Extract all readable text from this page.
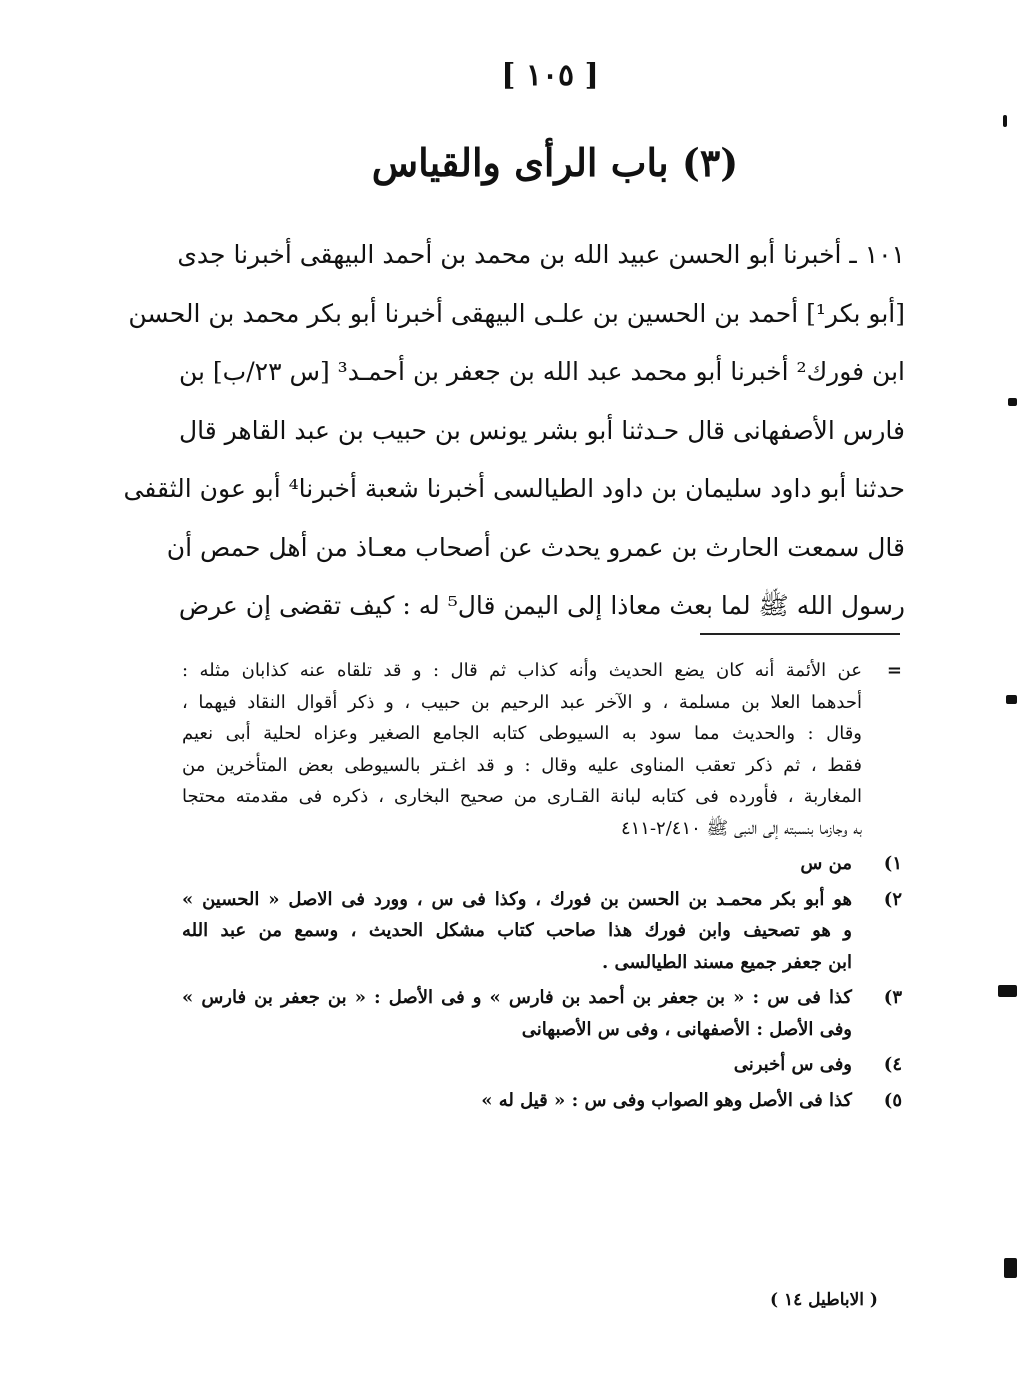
[ ١٠٥ ]
(٣) باب الرأى والقياس
١٠١ ـ أخبرنا أبو الحسن عبيد الله بن محمد بن أحمد البيهقى أخبرنا جدى
[أبو بكر¹] أحمد بن الحسين بن علـى البيهقى أخبرنا أبو بكر محمد بن الحسن
ابن فورك² أخبرنا أبو محمد عبد الله بن جعفر بن أحمـد³ [س ٢٣/ب] بن
فارس الأصفهانى قال حـدثنا أبو بشر يونس بن حبيب بن عبد القاهر قال
حدثنا أبو داود سليمان بن داود الطيالسى أخبرنا شعبة أخبرنا⁴ أبو عون الثقفى
قال سمعت الحارث بن عمرو يحدث عن أصحاب معـاذ من أهل حمص أن
رسول الله ﷺ لما بعث معاذا إلى اليمن قال⁵ له : كيف تقضى إن عرض
=
عن الأئمة أنه كان يضع الحديث وأنه كذاب ثم قال : و قد تلقاه عنه كذابان مثله :
أحدهما العلا بن مسلمة ، و الآخر عبد الرحيم بن حبيب ، و ذكر أقوال النقاد فيهما ،
وقال : والحديث مما سود به السيوطى كتابه الجامع الصغير وعزاه لحلية أبى نعيم
فقط ، ثم ذكر تعقب المناوى عليه وقال : و قد اغـتر بالسيوطى بعض المتأخرين من
المغاربة ، فأورده فى كتابه لبانة القـارى من صحيح البخارى ، ذكره فى مقدمته محتجا
به وجازما بنسبته إلى النبى ﷺ ٢/٤١٠-٤١١
١)
من س
٢)
هو أبو بكر محمـد بن الحسن بن فورك ، وكذا فى س ، وورد فى الاصل « الحسين »
و هو تصحيف وابن فورك هذا صاحب كتاب مشكل الحديث ، وسمع من عبد الله
ابن جعفر جميع مسند الطيالسى .
٣)
كذا فى س : « بن جعفر بن أحمد بن فارس » و فى الأصل : « بن جعفر بن فارس »
وفى الأصل : الأصفهانى ، وفى س الأصبهانى
٤)
وفى س أخبرنى
٥)
كذا فى الأصل وهو الصواب وفى س : « قيل له »
( الاباطيل ١٤ )
